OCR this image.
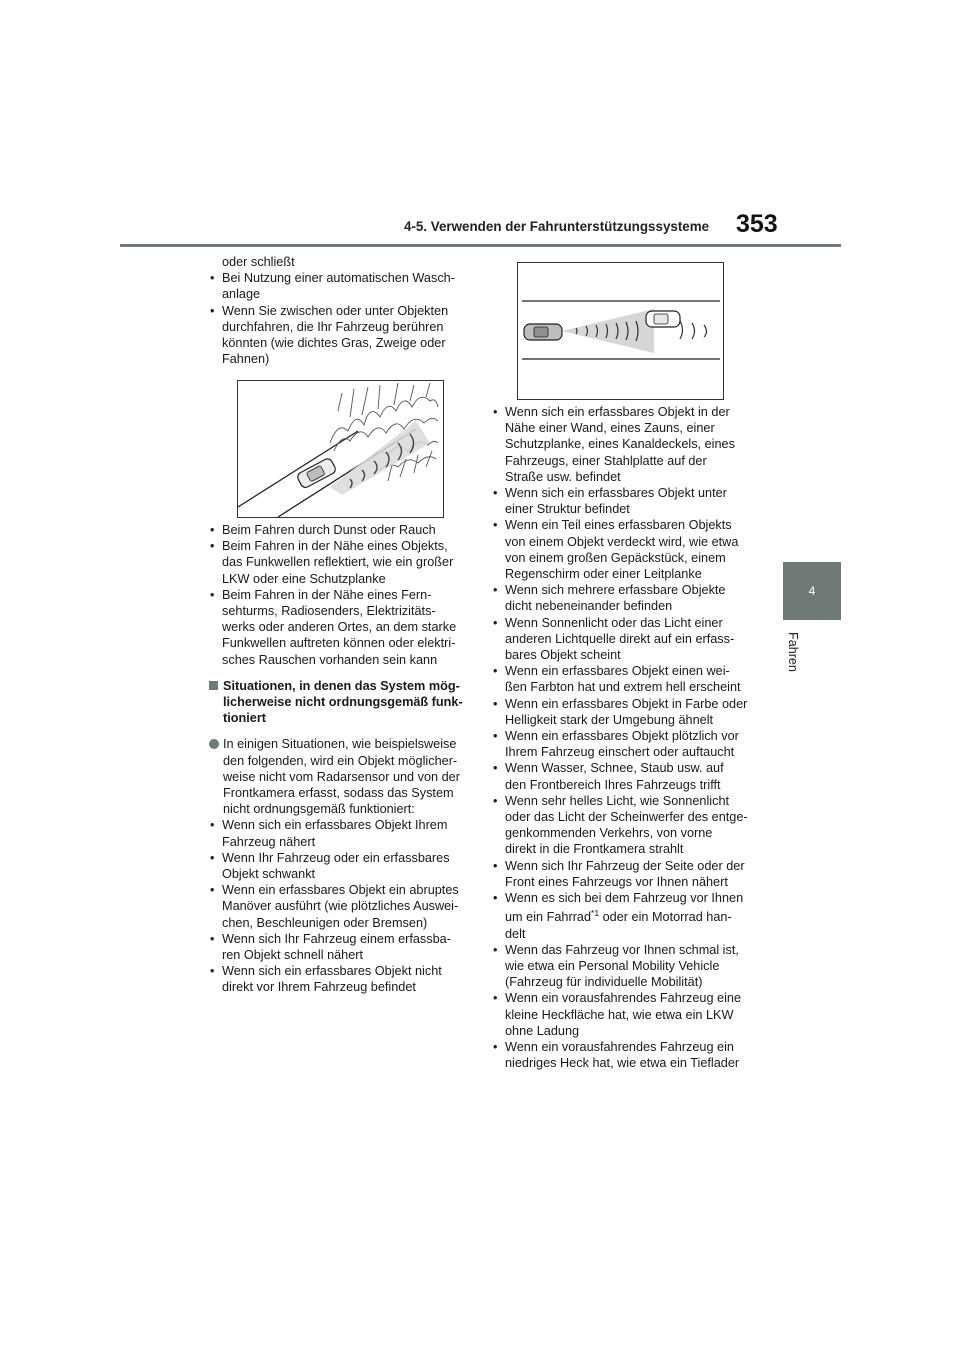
4-5. Verwenden der Fahrunterstützungssysteme 353
4
Fahren

oder schließt

• Bei Nutzung einer automatischen Wasch-
anlage
• Wenn Sie zwischen oder unter Objekten
durchfahren, die Ihr Fahrzeug berühren
könnten (wie dichtes Gras, Zweige oder
Fahnen)
• Beim Fahren durch Dunst oder Rauch
• Beim Fahren in der Nähe eines Objekts,
das Funkwellen reflektiert, wie ein großer
LKW oder eine Schutzplanke
• Beim Fahren in der Nähe eines Fern-
sehturms, Radiosenders, Elektrizitäts-
werks oder anderen Ortes, an dem starke
Funkwellen auftreten können oder elektri-
sches Rauschen vorhanden sein kann
Situationen, in denen das System mög-
licherweise nicht ordnungsgemäß funk-
tioniert
In einigen Situationen, wie beispielsweise
den folgenden, wird ein Objekt möglicher-
weise nicht vom Radarsensor und von der
Frontkamera erfasst, sodass das System
nicht ordnungsgemäß funktioniert:
• Wenn sich ein erfassbares Objekt Ihrem
Fahrzeug nähert
• Wenn Ihr Fahrzeug oder ein erfassbares
Objekt schwankt
• Wenn ein erfassbares Objekt ein abruptes
Manöver ausführt (wie plötzliches Auswei-
chen, Beschleunigen oder Bremsen)
• Wenn sich Ihr Fahrzeug einem erfassba-
ren Objekt schnell nähert
• Wenn sich ein erfassbares Objekt nicht
direkt vor Ihrem Fahrzeug befindet
• Wenn sich ein erfassbares Objekt in der
Nähe einer Wand, eines Zauns, einer
Schutzplanke, eines Kanaldeckels, eines
Fahrzeugs, einer Stahlplatte auf der
Straße usw. befindet
• Wenn sich ein erfassbares Objekt unter
einer Struktur befindet
• Wenn ein Teil eines erfassbaren Objekts
von einem Objekt verdeckt wird, wie etwa
von einem großen Gepäckstück, einem
Regenschirm oder einer Leitplanke
• Wenn sich mehrere erfassbare Objekte
dicht nebeneinander befinden
• Wenn Sonnenlicht oder das Licht einer
anderen Lichtquelle direkt auf ein erfass-
bares Objekt scheint
• Wenn ein erfassbares Objekt einen wei-
ßen Farbton hat und extrem hell erscheint
• Wenn ein erfassbares Objekt in Farbe oder
Helligkeit stark der Umgebung ähnelt
• Wenn ein erfassbares Objekt plötzlich vor
Ihrem Fahrzeug einschert oder auftaucht
• Wenn Wasser, Schnee, Staub usw. auf
den Frontbereich Ihres Fahrzeugs trifft
• Wenn sehr helles Licht, wie Sonnenlicht
oder das Licht der Scheinwerfer des entge-
genkommenden Verkehrs, von vorne
direkt in die Frontkamera strahlt
• Wenn sich Ihr Fahrzeug der Seite oder der
Front eines Fahrzeugs vor Ihnen nähert
• Wenn es sich bei dem Fahrzeug vor Ihnen
um ein Fahrrad$^{*1}$ oder ein Motorrad han-
delt
• Wenn das Fahrzeug vor Ihnen schmal ist,
wie etwa ein Personal Mobility Vehicle
(Fahrzeug für individuelle Mobilität)
• Wenn ein vorausfahrendes Fahrzeug eine
kleine Heckfläche hat, wie etwa ein LKW
ohne Ladung
• Wenn ein vorausfahrendes Fahrzeug ein
niedriges Heck hat, wie etwa ein Tieflader
